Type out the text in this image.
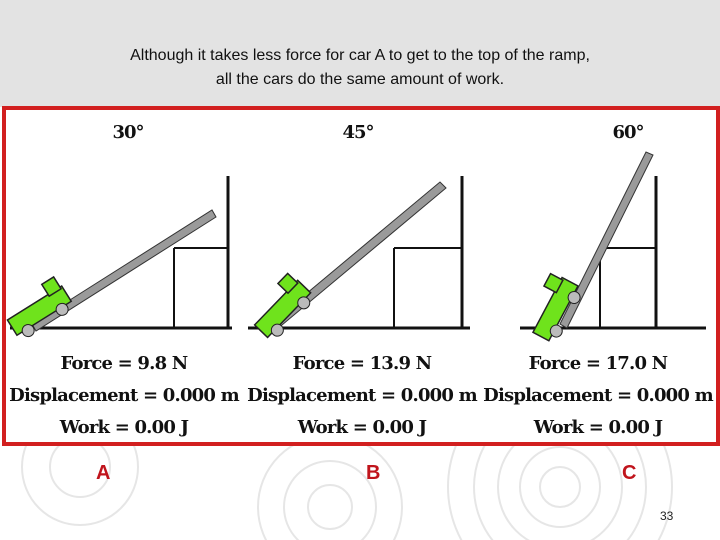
Although it takes less force for car A to get to the top of the ramp,
all the cars do the same amount of work.
30°
Force = 9.8 N
Displacement = 0.000 m
Work = 0.00 J
45°
Force = 13.9 N
Displacement = 0.000 m
Work = 0.00 J
60°
Force = 17.0 N
Displacement = 0.000 m
Work = 0.00 J
A	B	C
33
